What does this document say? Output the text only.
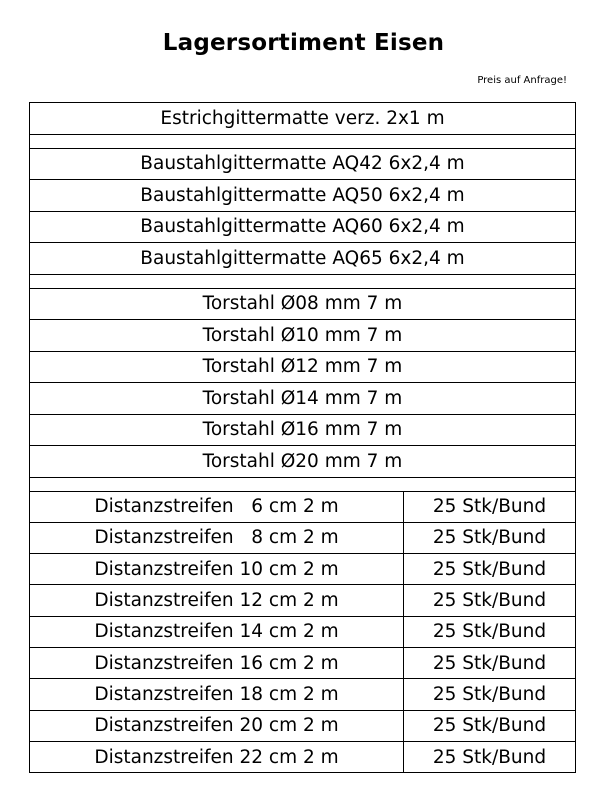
Lagersortiment Eisen
Preis auf Anfrage!
Estrichgittermatte verz. 2x1 m
Baustahlgittermatte AQ42 6x2,4 m
Baustahlgittermatte AQ50 6x2,4 m
Baustahlgittermatte AQ60 6x2,4 m
Baustahlgittermatte AQ65 6x2,4 m
Torstahl Ø08 mm 7 m
Torstahl Ø10 mm 7 m
Torstahl Ø12 mm 7 m
Torstahl Ø14 mm 7 m
Torstahl Ø16 mm 7 m
Torstahl Ø20 mm 7 m
Distanzstreifen   6 cm 2 m	25 Stk/Bund
Distanzstreifen   8 cm 2 m	25 Stk/Bund
Distanzstreifen 10 cm 2 m	25 Stk/Bund
Distanzstreifen 12 cm 2 m	25 Stk/Bund
Distanzstreifen 14 cm 2 m	25 Stk/Bund
Distanzstreifen 16 cm 2 m	25 Stk/Bund
Distanzstreifen 18 cm 2 m	25 Stk/Bund
Distanzstreifen 20 cm 2 m	25 Stk/Bund
Distanzstreifen 22 cm 2 m	25 Stk/Bund
